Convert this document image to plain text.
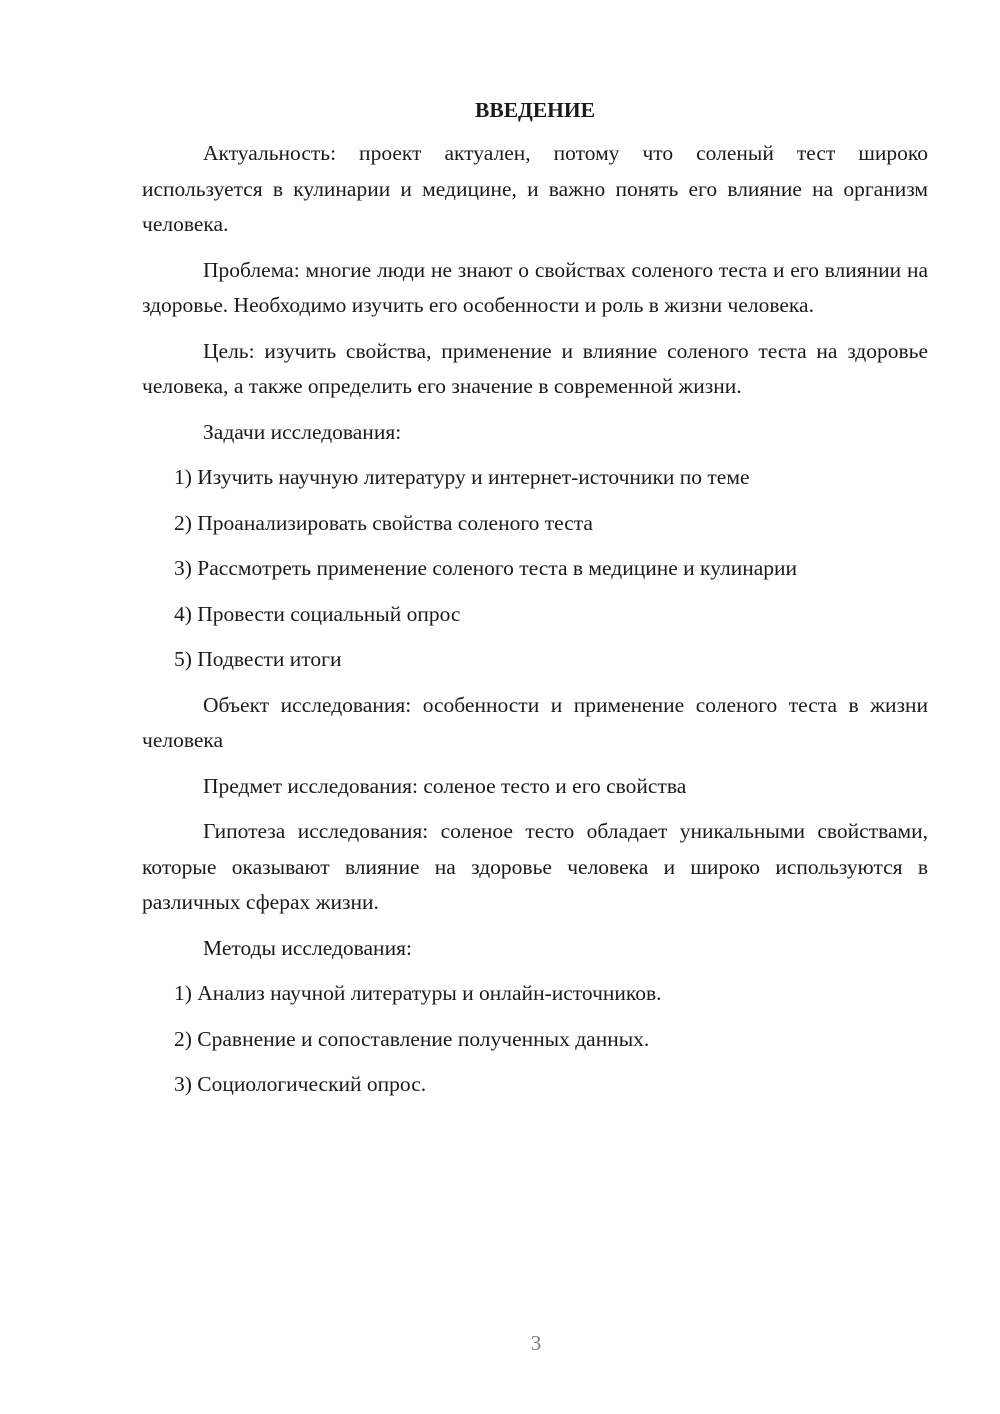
ВВЕДЕНИЕ

Актуальность: проект актуален, потому что соленый тест широко используется в кулинарии и медицине, и важно понять его влияние на организм человека.

Проблема: многие люди не знают о свойствах соленого теста и его влиянии на здоровье. Необходимо изучить его особенности и роль в жизни человека.

Цель: изучить свойства, применение и влияние соленого теста на здоровье человека, а также определить его значение в современной жизни.

Задачи исследования:

1) Изучить научную литературу и интернет-источники по теме
2) Проанализировать свойства соленого теста
3) Рассмотреть применение соленого теста в медицине и кулинарии
4) Провести социальный опрос
5) Подвести итоги

Объект исследования: особенности и применение соленого теста в жизни человека

Предмет исследования: соленое тесто и его свойства

Гипотеза исследования: соленое тесто обладает уникальными свойствами, которые оказывают влияние на здоровье человека и широко используются в различных сферах жизни.

Методы исследования:

1) Анализ научной литературы и онлайн-источников.
2) Сравнение и сопоставление полученных данных.
3) Социологический опрос.
3
